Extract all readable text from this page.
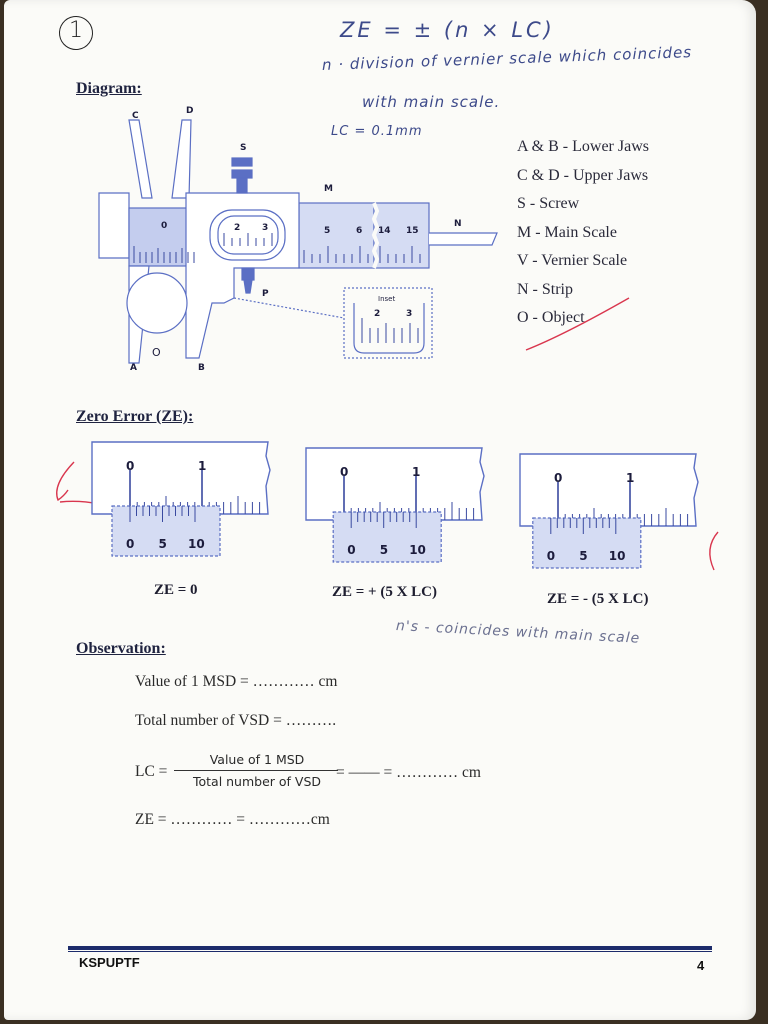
1	ZE = ± (n × LC)
n · division of vernier scale which coincides
with main scale.
LC = 0.1mm
Diagram:
C	D
S
M
N
P
A	B
O
Inset
0	5	6 14 15
2 3
2	3
A & B - Lower Jaws
C & D - Upper Jaws
S - Screw
M - Main Scale
V - Vernier Scale
N - Strip
O - Object
Zero Error (ZE):
ZE = 0	ZE = + (5 X LC)	ZE = - (5 X LC)
n's - coincides with main scale
Observation:
Value of 1 MSD = ………… cm
Total number of VSD = ……….
LC =
Value of 1 MSD
Total number of VSD
= —— = ………… cm
ZE = ………… = …………cm
KSPUPTF	4
0	1
0 5 10
0	1
0 5 10
0	1
0 5 10
